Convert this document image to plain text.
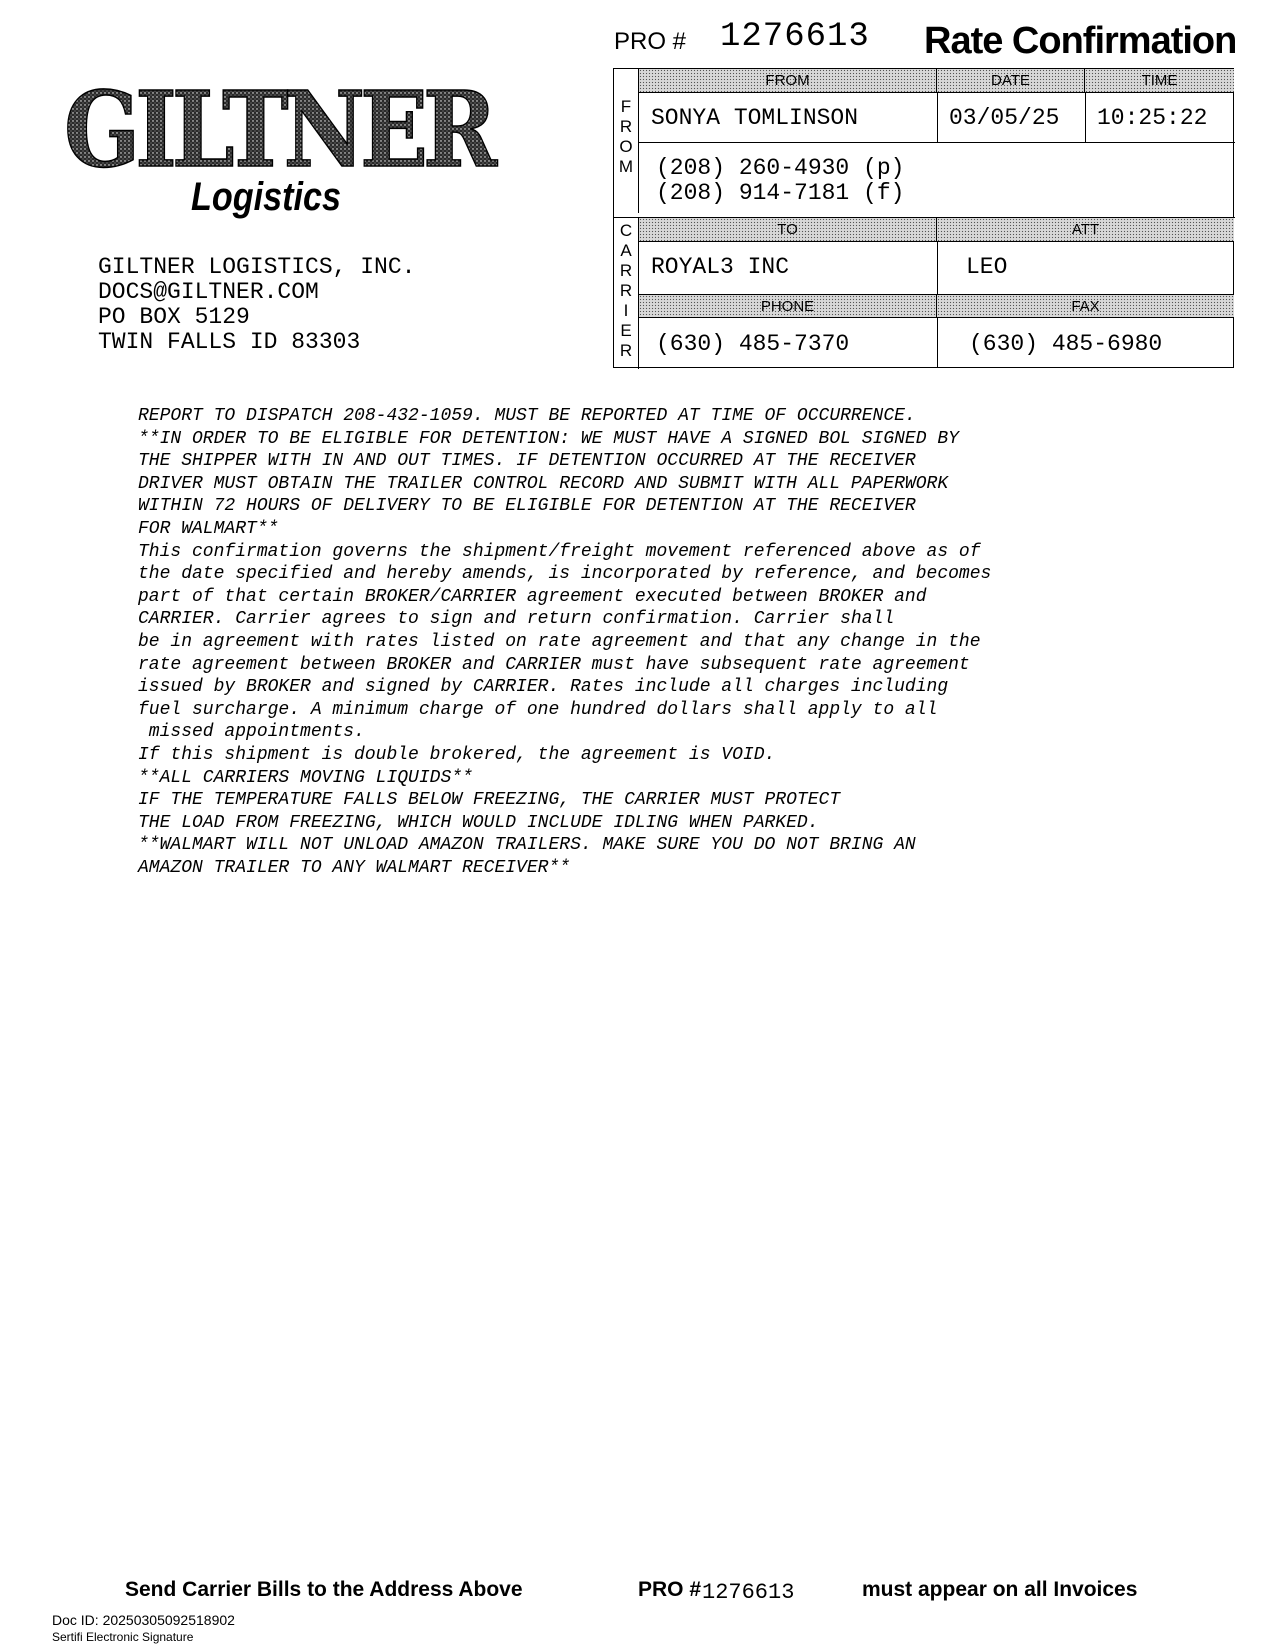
PRO # 1276613 Rate Confirmation
GILTNER
Logistics
GILTNER LOGISTICS, INC.
DOCS@GILTNER.COM
PO BOX 5129
TWIN FALLS ID 83303
F
R
O
M
C
A
R
R
I
E
R
FROM	DATE	TIME
SONYA TOMLINSON	03/05/25 10:25:22
(208) 260-4930 (p)
(208) 914-7181 (f)
TO	ATT
ROYAL3 INC	LEO
PHONE	FAX
(630) 485-7370	(630) 485-6980
REPORT TO DISPATCH 208-432-1059. MUST BE REPORTED AT TIME OF OCCURRENCE.
**IN ORDER TO BE ELIGIBLE FOR DETENTION: WE MUST HAVE A SIGNED BOL SIGNED BY
THE SHIPPER WITH IN AND OUT TIMES. IF DETENTION OCCURRED AT THE RECEIVER
DRIVER MUST OBTAIN THE TRAILER CONTROL RECORD AND SUBMIT WITH ALL PAPERWORK
WITHIN 72 HOURS OF DELIVERY TO BE ELIGIBLE FOR DETENTION AT THE RECEIVER
FOR WALMART**
This confirmation governs the shipment/freight movement referenced above as of
the date specified and hereby amends, is incorporated by reference, and becomes
part of that certain BROKER/CARRIER agreement executed between BROKER and
CARRIER. Carrier agrees to sign and return confirmation. Carrier shall
be in agreement with rates listed on rate agreement and that any change in the
rate agreement between BROKER and CARRIER must have subsequent rate agreement
issued by BROKER and signed by CARRIER. Rates include all charges including
fuel surcharge. A minimum charge of one hundred dollars shall apply to all
missed appointments.
If this shipment is double brokered, the agreement is VOID.
**ALL CARRIERS MOVING LIQUIDS**
IF THE TEMPERATURE FALLS BELOW FREEZING, THE CARRIER MUST PROTECT
THE LOAD FROM FREEZING, WHICH WOULD INCLUDE IDLING WHEN PARKED.
**WALMART WILL NOT UNLOAD AMAZON TRAILERS. MAKE SURE YOU DO NOT BRING AN
AMAZON TRAILER TO ANY WALMART RECEIVER**
Send Carrier Bills to the Address Above	PRO # 1276613	must appear on all Invoices
Doc ID: 20250305092518902
Sertifi Electronic Signature
